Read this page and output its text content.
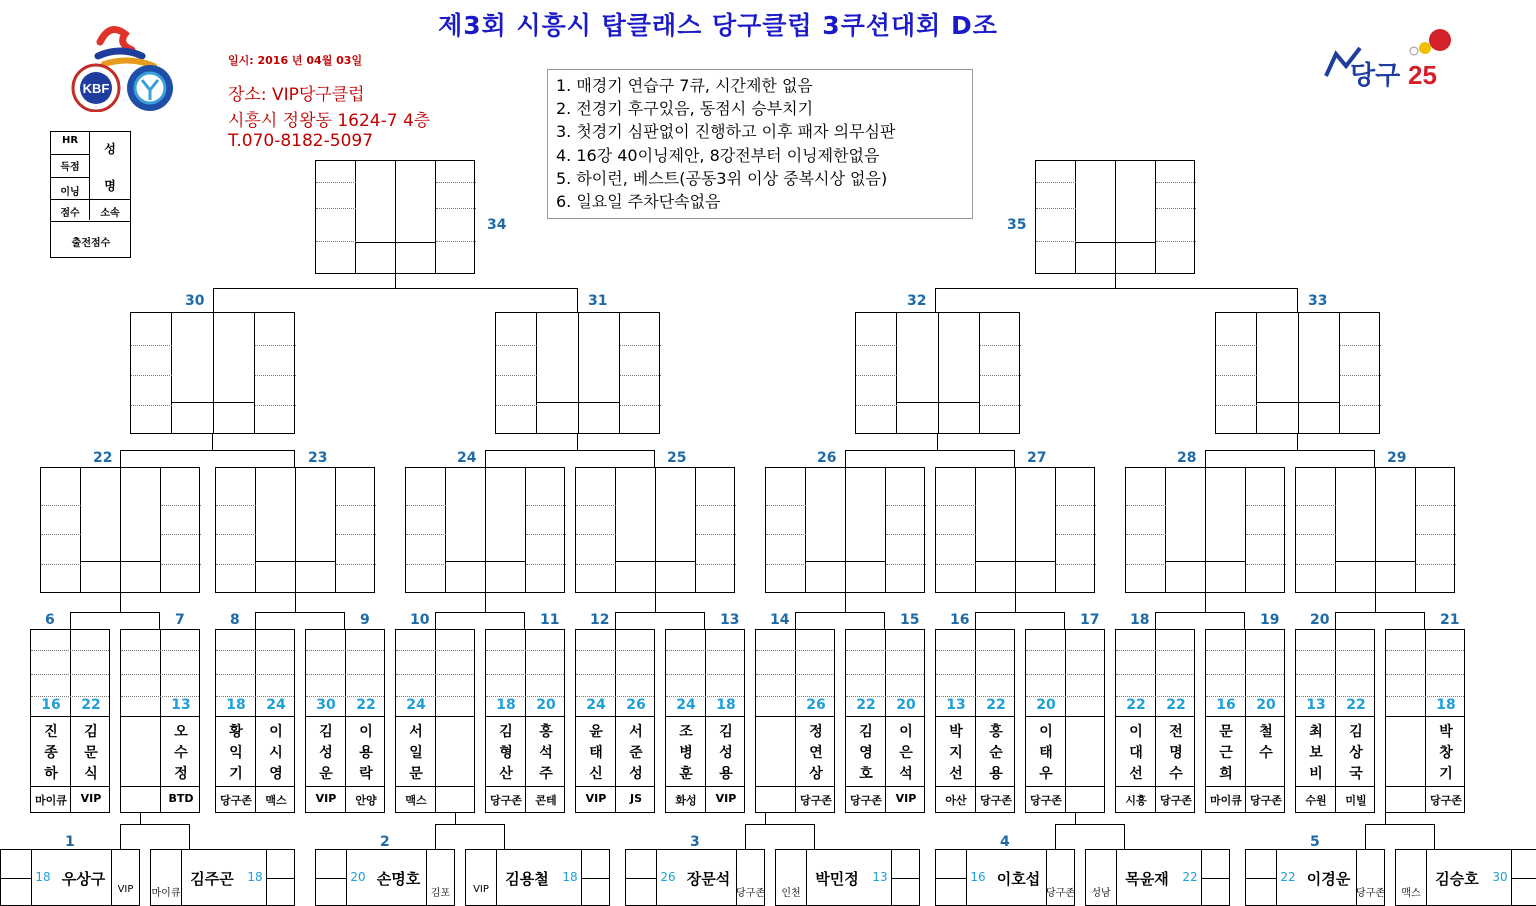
제3회 시흥시 탑클래스 당구클럽 3쿠션대회 D조
일시: 2016 년 04월 03일
장소: VIP당구클럽
시흥시 정왕동 1624-7 4층
T.070-8182-5097
KBF	당구 25
HR
득점
이닝
점수
성
명
소속
출전점수
1. 매경기 연습구 7큐, 시간제한 없음
2. 전경기 후구있음, 동점시 승부치기
3. 첫경기 심판없이 진행하고 이후 패자 의무심판
4. 16강 40이닝제안, 8강전부터 이닝제한없음
5. 하이런, 베스트(공동3위 이상 중복시상 없음)
6. 일요일 주차단속없음
34	35
30	31	32	33
22	23	24	25	26	27	28	29
6
16
진
종
하
마이큐
22
김
문
식
VIP
7
13
오
수
정
BTD
8
18
황
익
기
당구존
24
이
시
영
맥스
9
30
김
성
운
VIP
22
이
용
락
안양
10
24
서
일
문
맥스
11
18
김
형
산
당구존
20
홍
석
주
콘테
12
24
윤
태
신
VIP
26
서
준
성
JS
13
24
조
병
훈
화성
18
김
성
용
VIP
14
26
정
연
상
당구존
15
22
김
영
호
당구존
20
이
은
석
VIP
16
13
박
지
선
아산
22
홍
순
용
당구존
17
20
이
태
우
당구존
18
22
이
대
선
시흥
22
전
명
수
당구존
19
16
문
근
희
마이큐
20
철
수
당구존
20
13
최
보
비
수원
22
김
상
국
미빌
21
18
박
창
기
당구존
1
18 우상구
VIP	마이큐
김주곤	18
2
20 손명호
김포	VIP
김용철	18
3
26 장문석
당구존	인천
박민정	13
4
16 이호섭
당구존	성남
목윤재	22
5
22 이경운
당구존	맥스
김승호	30
